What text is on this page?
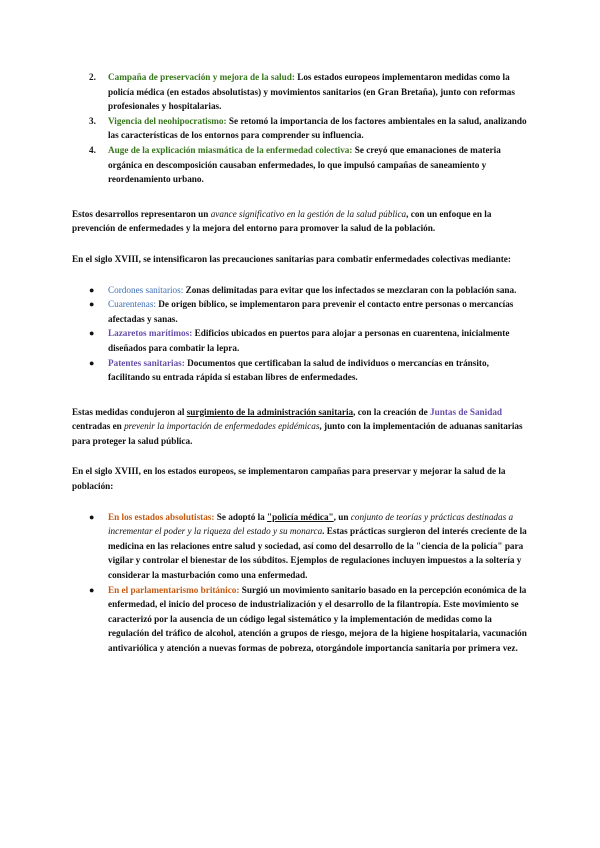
2. Campaña de preservación y mejora de la salud: Los estados europeos implementaron medidas como la policía médica (en estados absolutistas) y movimientos sanitarios (en Gran Bretaña), junto con reformas profesionales y hospitalarias.
3. Vigencia del neohipocratismo: Se retomó la importancia de los factores ambientales en la salud, analizando las características de los entornos para comprender su influencia.
4. Auge de la explicación miasmática de la enfermedad colectiva: Se creyó que emanaciones de materia orgánica en descomposición causaban enfermedades, lo que impulsó campañas de saneamiento y reordenamiento urbano.

Estos desarrollos representaron un avance significativo en la gestión de la salud pública, con un enfoque en la prevención de enfermedades y la mejora del entorno para promover la salud de la población.

En el siglo XVIII, se intensificaron las precauciones sanitarias para combatir enfermedades colectivas mediante:

● Cordones sanitarios: Zonas delimitadas para evitar que los infectados se mezclaran con la población sana.
● Cuarentenas: De origen bíblico, se implementaron para prevenir el contacto entre personas o mercancías afectadas y sanas.
● Lazaretos marítimos: Edificios ubicados en puertos para alojar a personas en cuarentena, inicialmente diseñados para combatir la lepra.
● Patentes sanitarias: Documentos que certificaban la salud de individuos o mercancías en tránsito, facilitando su entrada rápida si estaban libres de enfermedades.

Estas medidas condujeron al surgimiento de la administración sanitaria, con la creación de Juntas de Sanidad centradas en prevenir la importación de enfermedades epidémicas, junto con la implementación de aduanas sanitarias para proteger la salud pública.

En el siglo XVIII, en los estados europeos, se implementaron campañas para preservar y mejorar la salud de la población:

● En los estados absolutistas: Se adoptó la "policía médica", un conjunto de teorías y prácticas destinadas a incrementar el poder y la riqueza del estado y su monarca. Estas prácticas surgieron del interés creciente de la medicina en las relaciones entre salud y sociedad, así como del desarrollo de la "ciencia de la policía" para vigilar y controlar el bienestar de los súbditos. Ejemplos de regulaciones incluyen impuestos a la soltería y considerar la masturbación como una enfermedad.
● En el parlamentarismo británico: Surgió un movimiento sanitario basado en la percepción económica de la enfermedad, el inicio del proceso de industrialización y el desarrollo de la filantropía. Este movimiento se caracterizó por la ausencia de un código legal sistemático y la implementación de medidas como la regulación del tráfico de alcohol, atención a grupos de riesgo, mejora de la higiene hospitalaria, vacunación antivariólica y atención a nuevas formas de pobreza, otorgándole importancia sanitaria por primera vez.
